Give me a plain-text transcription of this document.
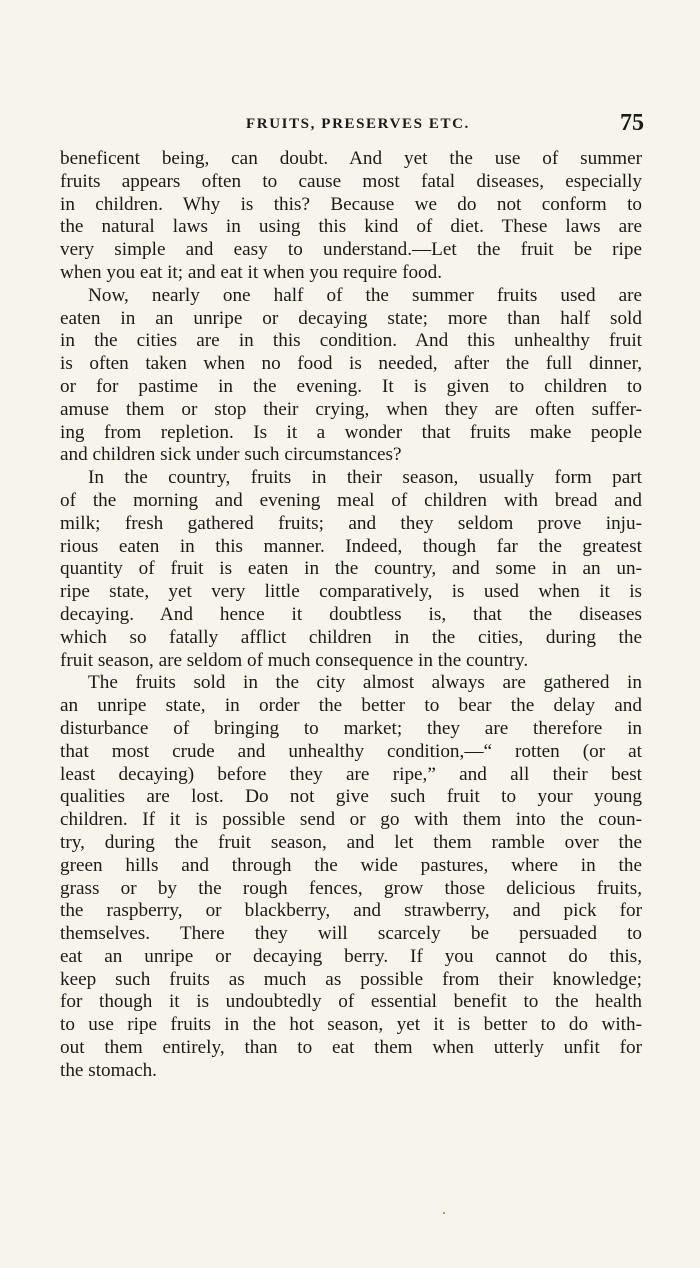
FRUITS, PRESERVES ETC.	75
beneficent being, can doubt. And yet the use of summer
fruits appears often to cause most fatal diseases, especially
in children. Why is this? Because we do not conform to
the natural laws in using this kind of diet. These laws are
very simple and easy to understand.—Let the fruit be ripe
when you eat it; and eat it when you require food.
Now, nearly one half of the summer fruits used are
eaten in an unripe or decaying state; more than half sold
in the cities are in this condition. And this unhealthy fruit
is often taken when no food is needed, after the full dinner,
or for pastime in the evening. It is given to children to
amuse them or stop their crying, when they are often suffer-
ing from repletion. Is it a wonder that fruits make people
and children sick under such circumstances?
In the country, fruits in their season, usually form part
of the morning and evening meal of children with bread and
milk; fresh gathered fruits; and they seldom prove inju-
rious eaten in this manner. Indeed, though far the greatest
quantity of fruit is eaten in the country, and some in an un-
ripe state, yet very little comparatively, is used when it is
decaying. And hence it doubtless is, that the diseases
which so fatally afflict children in the cities, during the
fruit season, are seldom of much consequence in the country.
The fruits sold in the city almost always are gathered in
an unripe state, in order the better to bear the delay and
disturbance of bringing to market; they are therefore in
that most crude and unhealthy condition,—“ rotten (or at
least decaying) before they are ripe,” and all their best
qualities are lost. Do not give such fruit to your young
children. If it is possible send or go with them into the coun-
try, during the fruit season, and let them ramble over the
green hills and through the wide pastures, where in the
grass or by the rough fences, grow those delicious fruits,
the raspberry, or blackberry, and strawberry, and pick for
themselves. There they will scarcely be persuaded to
eat an unripe or decaying berry. If you cannot do this,
keep such fruits as much as possible from their knowledge;
for though it is undoubtedly of essential benefit to the health
to use ripe fruits in the hot season, yet it is better to do with-
out them entirely, than to eat them when utterly unfit for
the stomach.
